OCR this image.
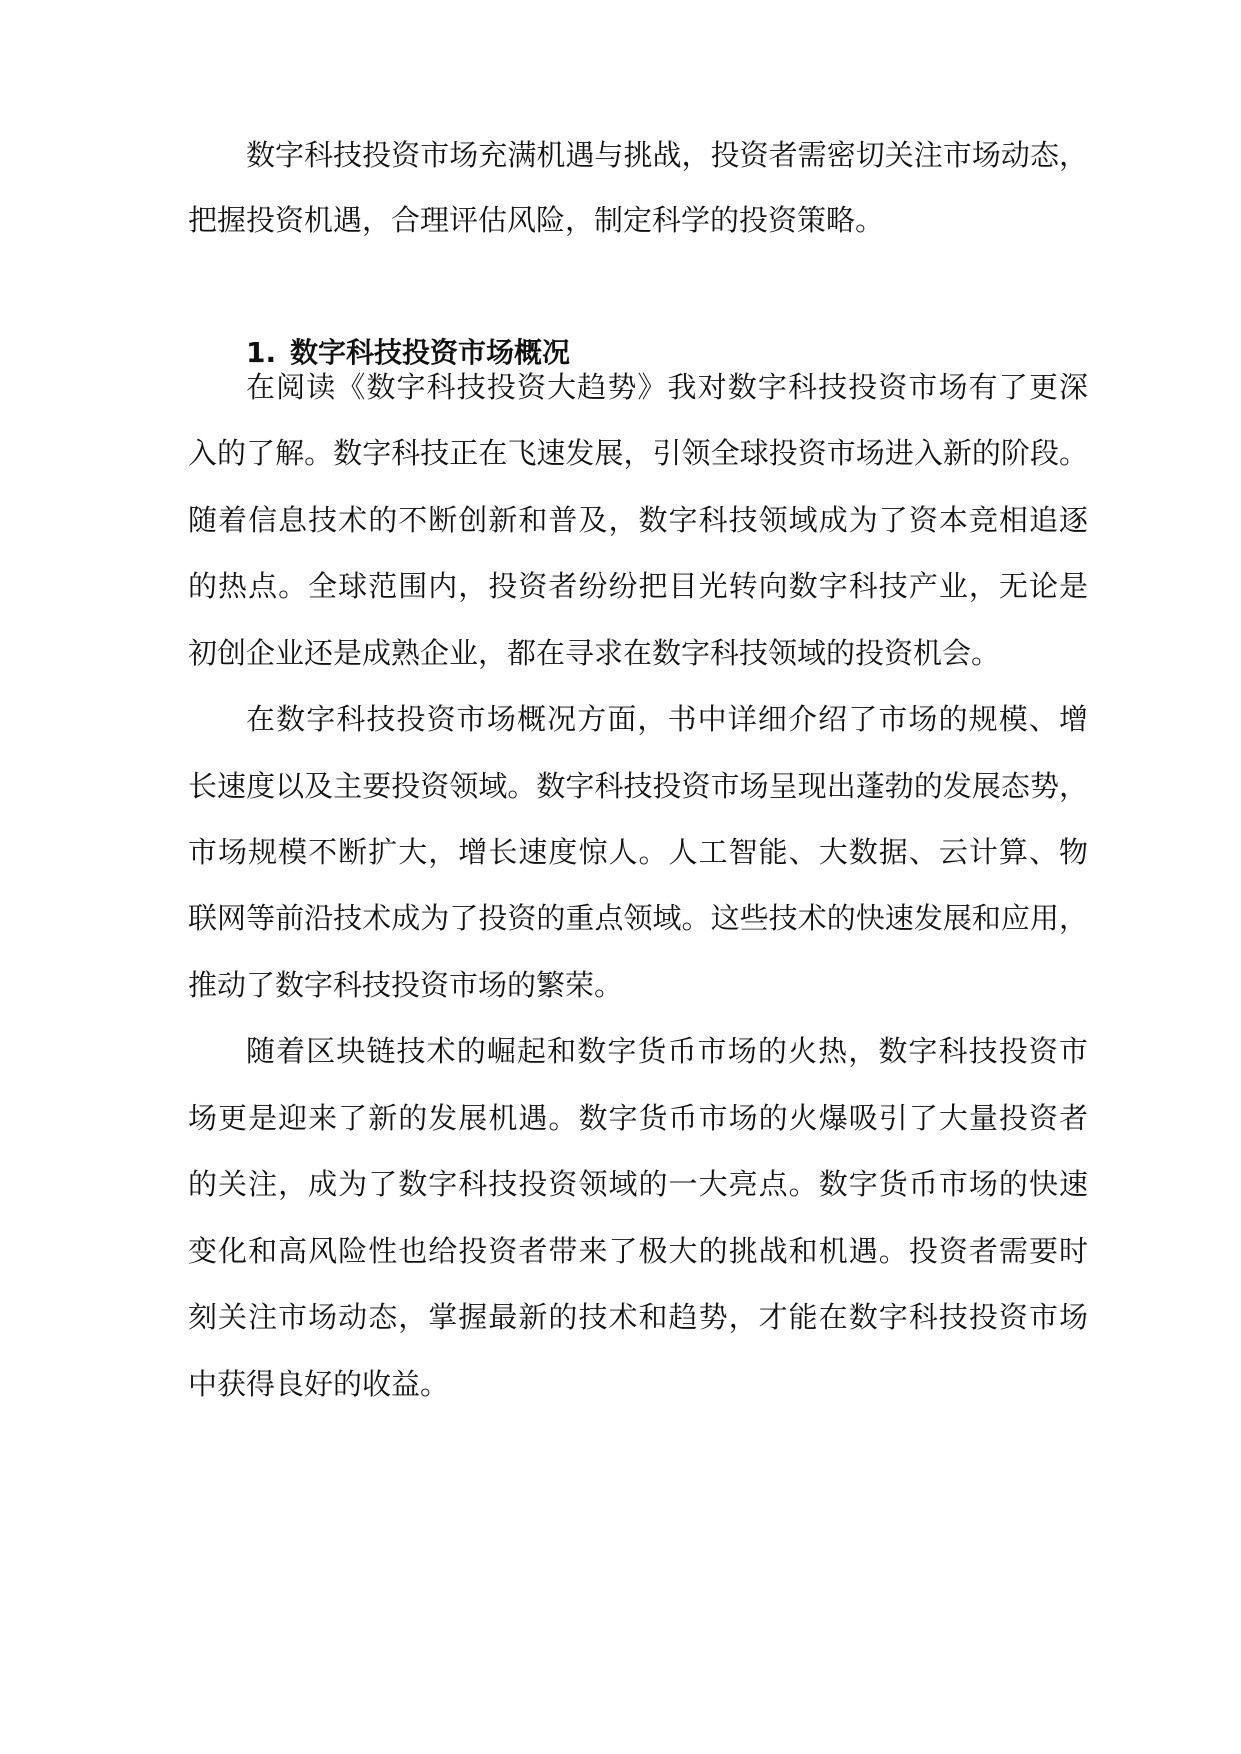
数字科技投资市场充满机遇与挑战，投资者需密切关注市场动态，
把握投资机遇，合理评估风险，制定科学的投资策略。
1. 数字科技投资市场概况
在阅读《数字科技投资大趋势》我对数字科技投资市场有了更深
入的了解。数字科技正在飞速发展，引领全球投资市场进入新的阶段。
随着信息技术的不断创新和普及，数字科技领域成为了资本竞相追逐
的热点。全球范围内，投资者纷纷把目光转向数字科技产业，无论是
初创企业还是成熟企业，都在寻求在数字科技领域的投资机会。
在数字科技投资市场概况方面，书中详细介绍了市场的规模、增
长速度以及主要投资领域。数字科技投资市场呈现出蓬勃的发展态势，
市场规模不断扩大，增长速度惊人。人工智能、大数据、云计算、物
联网等前沿技术成为了投资的重点领域。这些技术的快速发展和应用，
推动了数字科技投资市场的繁荣。
随着区块链技术的崛起和数字货币市场的火热，数字科技投资市
场更是迎来了新的发展机遇。数字货币市场的火爆吸引了大量投资者
的关注，成为了数字科技投资领域的一大亮点。数字货币市场的快速
变化和高风险性也给投资者带来了极大的挑战和机遇。投资者需要时
刻关注市场动态，掌握最新的技术和趋势，才能在数字科技投资市场
中获得良好的收益。
